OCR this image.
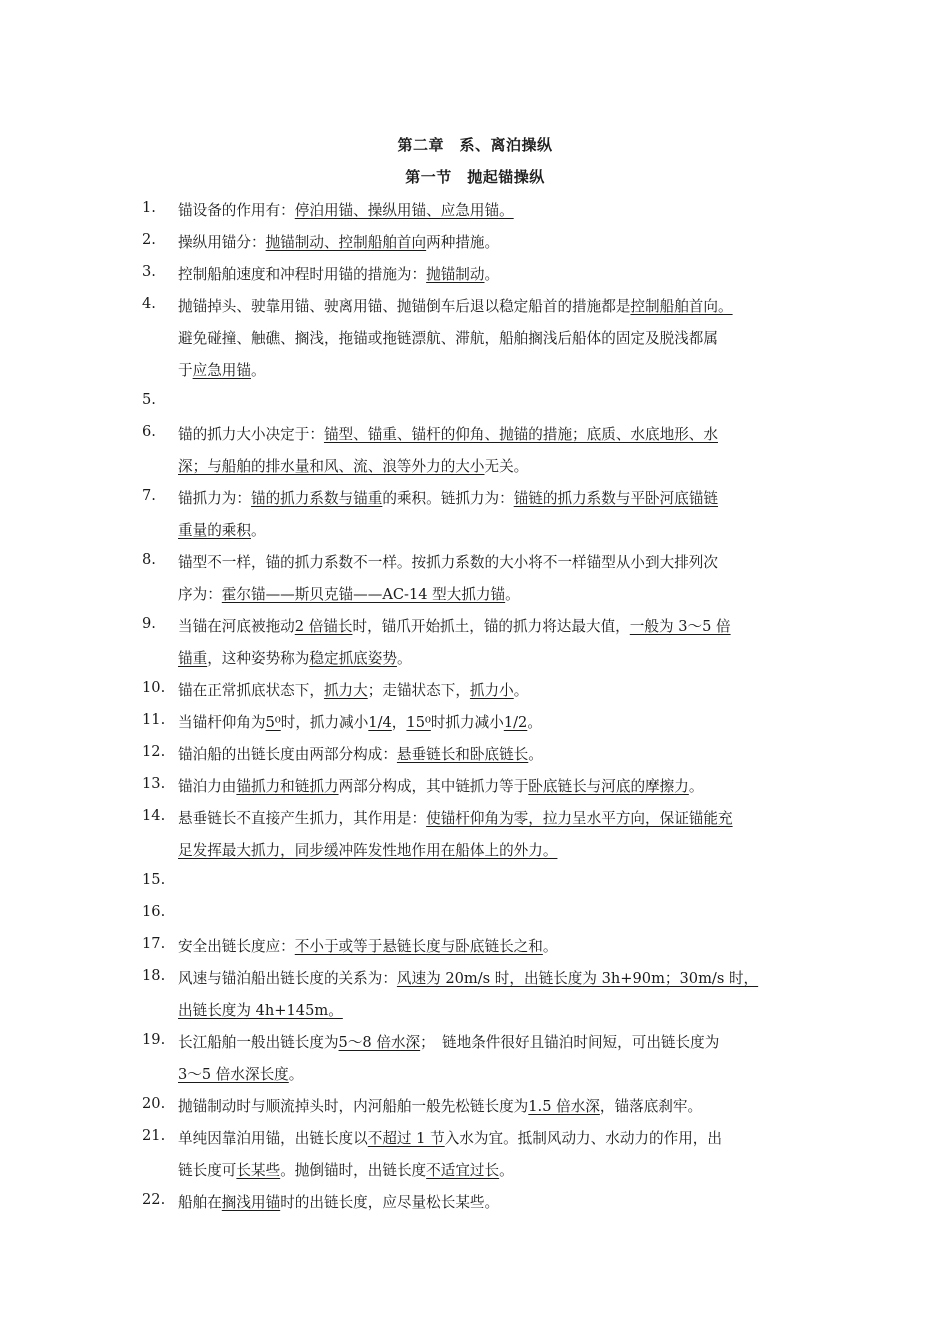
第二章　系、离泊操纵
第一节　抛起锚操纵
1.	锚设备的作用有：停泊用锚、操纵用锚、应急用锚。
2.	操纵用锚分：抛锚制动、控制船舶首向两种措施。
3.	控制船舶速度和冲程时用锚的措施为：抛锚制动。
4.	抛锚掉头、驶靠用锚、驶离用锚、抛锚倒车后退以稳定船首的措施都是控制船舶首向。
避免碰撞、触礁、搁浅，拖锚或拖链漂航、滞航，船舶搁浅后船体的固定及脱浅都属
于应急用锚。
5.
6.	锚的抓力大小决定于：锚型、锚重、锚杆的仰角、抛锚的措施；底质、水底地形、水
深；与船舶的排水量和风、流、浪等外力的大小无关。
7.	锚抓力为：锚的抓力系数与锚重的乘积。链抓力为：锚链的抓力系数与平卧河底锚链
重量的乘积。
8.	锚型不一样，锚的抓力系数不一样。按抓力系数的大小将不一样锚型从小到大排列次
序为：霍尔锚——斯贝克锚——AC-14 型大抓力锚。
9.	当锚在河底被拖动2 倍锚长时，锚爪开始抓土，锚的抓力将达最大值，一般为 3～5 倍
锚重，这种姿势称为稳定抓底姿势。
10. 锚在正常抓底状态下，抓力大；走锚状态下，抓力小。
11. 当锚杆仰角为5⁰时，抓力减小1/4，15⁰时抓力减小1/2。
12. 锚泊船的出链长度由两部分构成：悬垂链长和卧底链长。
13. 锚泊力由锚抓力和链抓力两部分构成，其中链抓力等于卧底链长与河底的摩擦力。
14. 悬垂链长不直接产生抓力，其作用是：使锚杆仰角为零，拉力呈水平方向，保证锚能充
足发挥最大抓力，同步缓冲阵发性地作用在船体上的外力。
15.
16.
17. 安全出链长度应：不小于或等于悬链长度与卧底链长之和。
18. 风速与锚泊船出链长度的关系为：风速为 20m/s 时，出链长度为 3h+90m；30m/s 时，
出链长度为 4h+145m。
19. 长江船舶一般出链长度为5～8 倍水深；　链地条件很好且锚泊时间短，可出链长度为
3～5 倍水深长度。
20. 抛锚制动时与顺流掉头时，内河船舶一般先松链长度为1.5 倍水深，锚落底刹牢。
21. 单纯因靠泊用锚，出链长度以不超过 1 节入水为宜。抵制风动力、水动力的作用，出
链长度可长某些。抛倒锚时，出链长度不适宜过长。
22. 船舶在搁浅用锚时的出链长度，应尽量松长某些。
